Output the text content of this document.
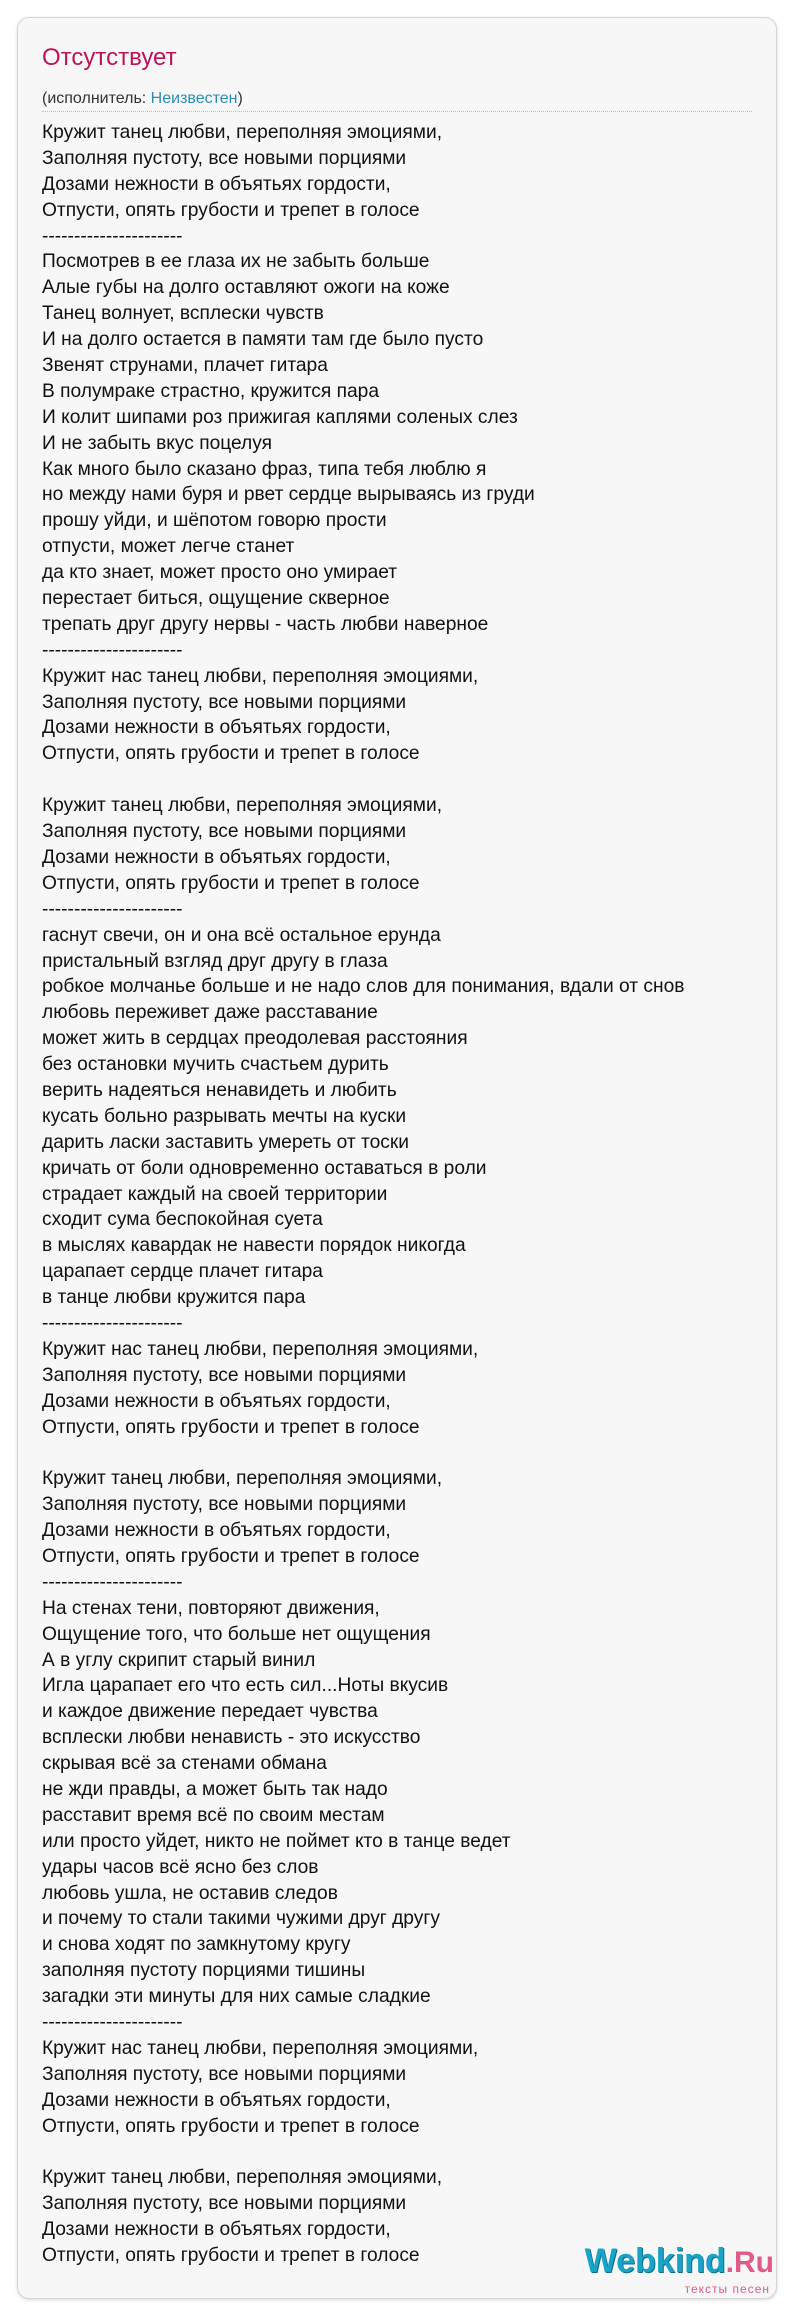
Отсутствует
(исполнитель: Неизвестен)
Кружит танец любви, переполняя эмоциями,
Заполняя пустоту, все новыми порциями
Дозами нежности в объятьях гордости,
Отпусти, опять грубости и трепет в голосе
----------------------
Посмотрев в ее глаза их не забыть больше
Алые губы на долго оставляют ожоги на коже
Танец волнует, всплески чувств
И на долго остается в памяти там где было пусто
Звенят струнами, плачет гитара
В полумраке страстно, кружится пара
И колит шипами роз прижигая каплями соленых слез
И не забыть вкус поцелуя
Как много было сказано фраз, типа тебя люблю я
но между нами буря и рвет сердце вырываясь из груди
прошу уйди, и шёпотом говорю прости
отпусти, может легче станет
да кто знает, может просто оно умирает
перестает биться, ощущение скверное
трепать друг другу нервы - часть любви наверное
----------------------
Кружит нас танец любви, переполняя эмоциями,
Заполняя пустоту, все новыми порциями
Дозами нежности в объятьях гордости,
Отпусти, опять грубости и трепет в голосе
Кружит танец любви, переполняя эмоциями,
Заполняя пустоту, все новыми порциями
Дозами нежности в объятьях гордости,
Отпусти, опять грубости и трепет в голосе
----------------------
гаснут свечи, он и она всё остальное ерунда
пристальный взгляд друг другу в глаза
робкое молчанье больше и не надо слов для понимания, вдали от снов
любовь переживет даже расставание
может жить в сердцах преодолевая расстояния
без остановки мучить счастьем дурить
верить надеяться ненавидеть и любить
кусать больно разрывать мечты на куски
дарить ласки заставить умереть от тоски
кричать от боли одновременно оставаться в роли
страдает каждый на своей территории
сходит сума беспокойная суета
в мыслях кавардак не навести порядок никогда
царапает сердце плачет гитара
в танце любви кружится пара
----------------------
Кружит нас танец любви, переполняя эмоциями,
Заполняя пустоту, все новыми порциями
Дозами нежности в объятьях гордости,
Отпусти, опять грубости и трепет в голосе
Кружит танец любви, переполняя эмоциями,
Заполняя пустоту, все новыми порциями
Дозами нежности в объятьях гордости,
Отпусти, опять грубости и трепет в голосе
----------------------
На стенах тени, повторяют движения,
Ощущение того, что больше нет ощущения
А в углу скрипит старый винил
Игла царапает его что есть сил...Ноты вкусив
и каждое движение передает чувства
всплески любви ненависть - это искусство
скрывая всё за стенами обмана
не жди правды, а может быть так надо
расставит время всё по своим местам
или просто уйдет, никто не поймет кто в танце ведет
удары часов всё ясно без слов
любовь ушла, не оставив следов
и почему то стали такими чужими друг другу
и снова ходят по замкнутому кругу
заполняя пустоту порциями тишины
загадки эти минуты для них самые сладкие
----------------------
Кружит нас танец любви, переполняя эмоциями,
Заполняя пустоту, все новыми порциями
Дозами нежности в объятьях гордости,
Отпусти, опять грубости и трепет в голосе
Кружит танец любви, переполняя эмоциями,
Заполняя пустоту, все новыми порциями
Дозами нежности в объятьях гордости,
Отпусти, опять грубости и трепет в голосе	Webkind.Ru
тексты песен
